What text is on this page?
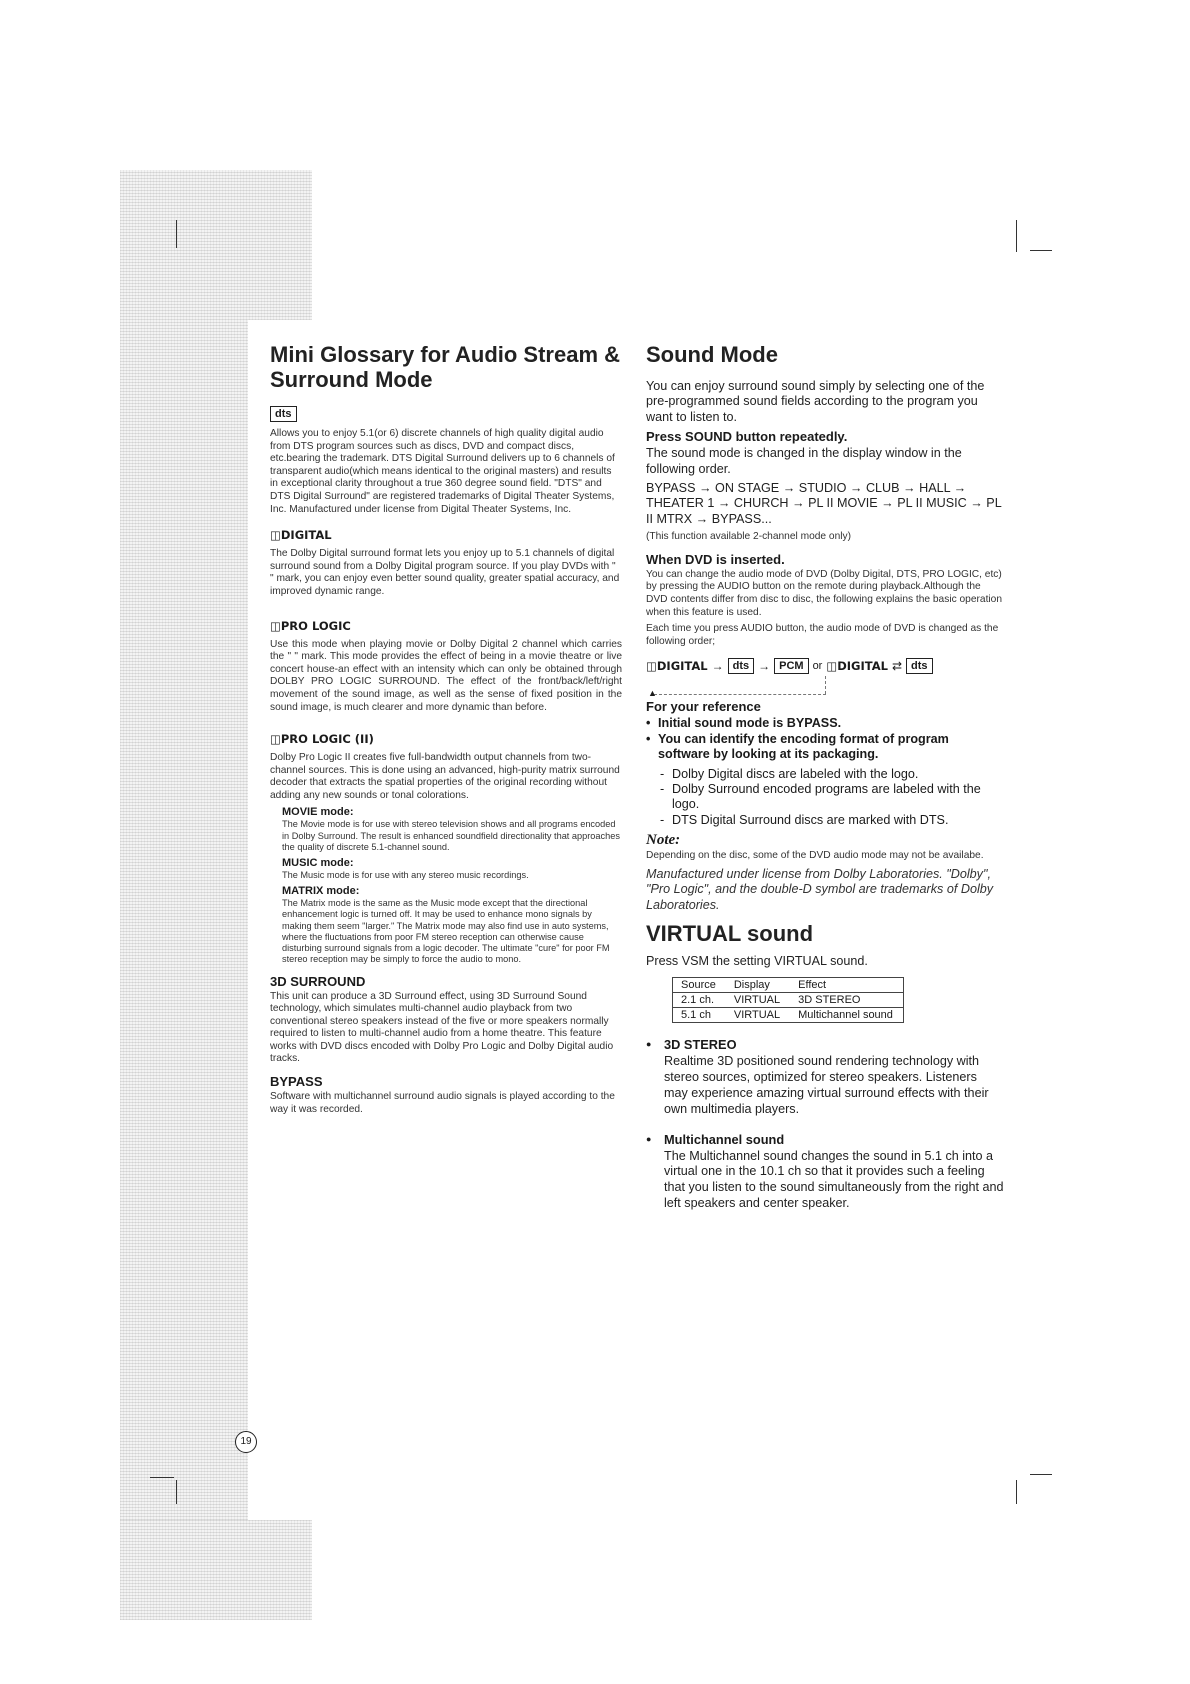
19
Mini Glossary for Audio Stream & Surround Mode
dts

Allows you to enjoy 5.1(or 6) discrete channels of high quality digital audio from DTS program sources such as discs, DVD and compact discs, etc.bearing the trademark. DTS Digital Surround delivers up to 6 channels of transparent audio(which means identical to the original masters) and results in exceptional clarity throughout a true 360 degree sound field. "DTS" and DTS Digital Surround" are registered trademarks of Digital Theater Systems, Inc. Manufactured under license from Digital Theater Systems, Inc.

◫DIGITAL

The Dolby Digital surround format lets you enjoy up to 5.1 channels of digital surround sound from a Dolby Digital program source. If you play DVDs with " " mark, you can enjoy even better sound quality, greater spatial accuracy, and improved dynamic range.

◫PRO LOGIC

Use this mode when playing movie or Dolby Digital 2 channel which carries the " " mark. This mode provides the effect of being in a movie theatre or live concert house-an effect with an intensity which can only be obtained through DOLBY PRO LOGIC SURROUND. The effect of the front/back/left/right movement of the sound image, as well as the sense of fixed position in the sound image, is much clearer and more dynamic than before.

◫PRO LOGIC (II)

Dolby Pro Logic II creates five full-bandwidth output channels from two-channel sources. This is done using an advanced, high-purity matrix surround decoder that extracts the spatial properties of the original recording without adding any new sounds or tonal colorations.

MOVIE mode:

The Movie mode is for use with stereo television shows and all programs encoded in Dolby Surround. The result is enhanced soundfield directionality that approaches the quality of discrete 5.1-channel sound.

MUSIC mode:

The Music mode is for use with any stereo music recordings.

MATRIX mode:

The Matrix mode is the same as the Music mode except that the directional enhancement logic is turned off. It may be used to enhance mono signals by making them seem "larger." The Matrix mode may also find use in auto systems, where the fluctuations from poor FM stereo reception can otherwise cause disturbing surround signals from a logic decoder. The ultimate "cure" for poor FM stereo reception may be simply to force the audio to mono.

3D SURROUND

This unit can produce a 3D Surround effect, using 3D Surround Sound technology, which simulates multi-channel audio playback from two conventional stereo speakers instead of the five or more speakers normally required to listen to multi-channel audio from a home theatre. This feature works with DVD discs encoded with Dolby Pro Logic and Dolby Digital audio tracks.

BYPASS

Software with multichannel surround audio signals is played according to the way it was recorded.

Sound Mode

You can enjoy surround sound simply by selecting one of the pre-programmed sound fields according to the program you want to listen to.

Press SOUND button repeatedly.

The sound mode is changed in the display window in the following order.

BYPASS → ON STAGE → STUDIO → CLUB → HALL → THEATER 1 → CHURCH → PL II MOVIE → PL II MUSIC → PL II MTRX → BYPASS...

(This function available 2-channel mode only)

When DVD is inserted.

You can change the audio mode of DVD (Dolby Digital, DTS, PRO LOGIC, etc) by pressing the AUDIO button on the remote during playback.Although the DVD contents differ from disc to disc, the following explains the basic operation when this feature is used.

Each time you press AUDIO button, the audio mode of DVD is changed as the following order;

◫DIGITAL → dts → PCM or ◫DIGITAL ⇄ dts
▲
For your reference
• Initial sound mode is BYPASS.
• You can identify the encoding format of program software by looking at its packaging.
- Dolby Digital discs are labeled with the logo.
- Dolby Surround encoded programs are labeled with the logo.
- DTS Digital Surround discs are marked with DTS.
Note:

Depending on the disc, some of the DVD audio mode may not be availabe.

Manufactured under license from Dolby Laboratories. "Dolby", "Pro Logic", and the double-D symbol are trademarks of Dolby Laboratories.

VIRTUAL sound

Press VSM the setting VIRTUAL sound.

Source	Display	Effect
2.1 ch.	VIRTUAL	3D STEREO
5.1 ch	VIRTUAL	Multichannel sound
● 3D STEREO

Realtime 3D positioned sound rendering technology with stereo sources, optimized for stereo speakers. Listeners may experience amazing virtual surround effects with their own multimedia players.

● Multichannel sound

The Multichannel sound changes the sound in 5.1 ch into a virtual one in the 10.1 ch so that it provides such a feeling that you listen to the sound simultaneously from the right and left speakers and center speaker.
